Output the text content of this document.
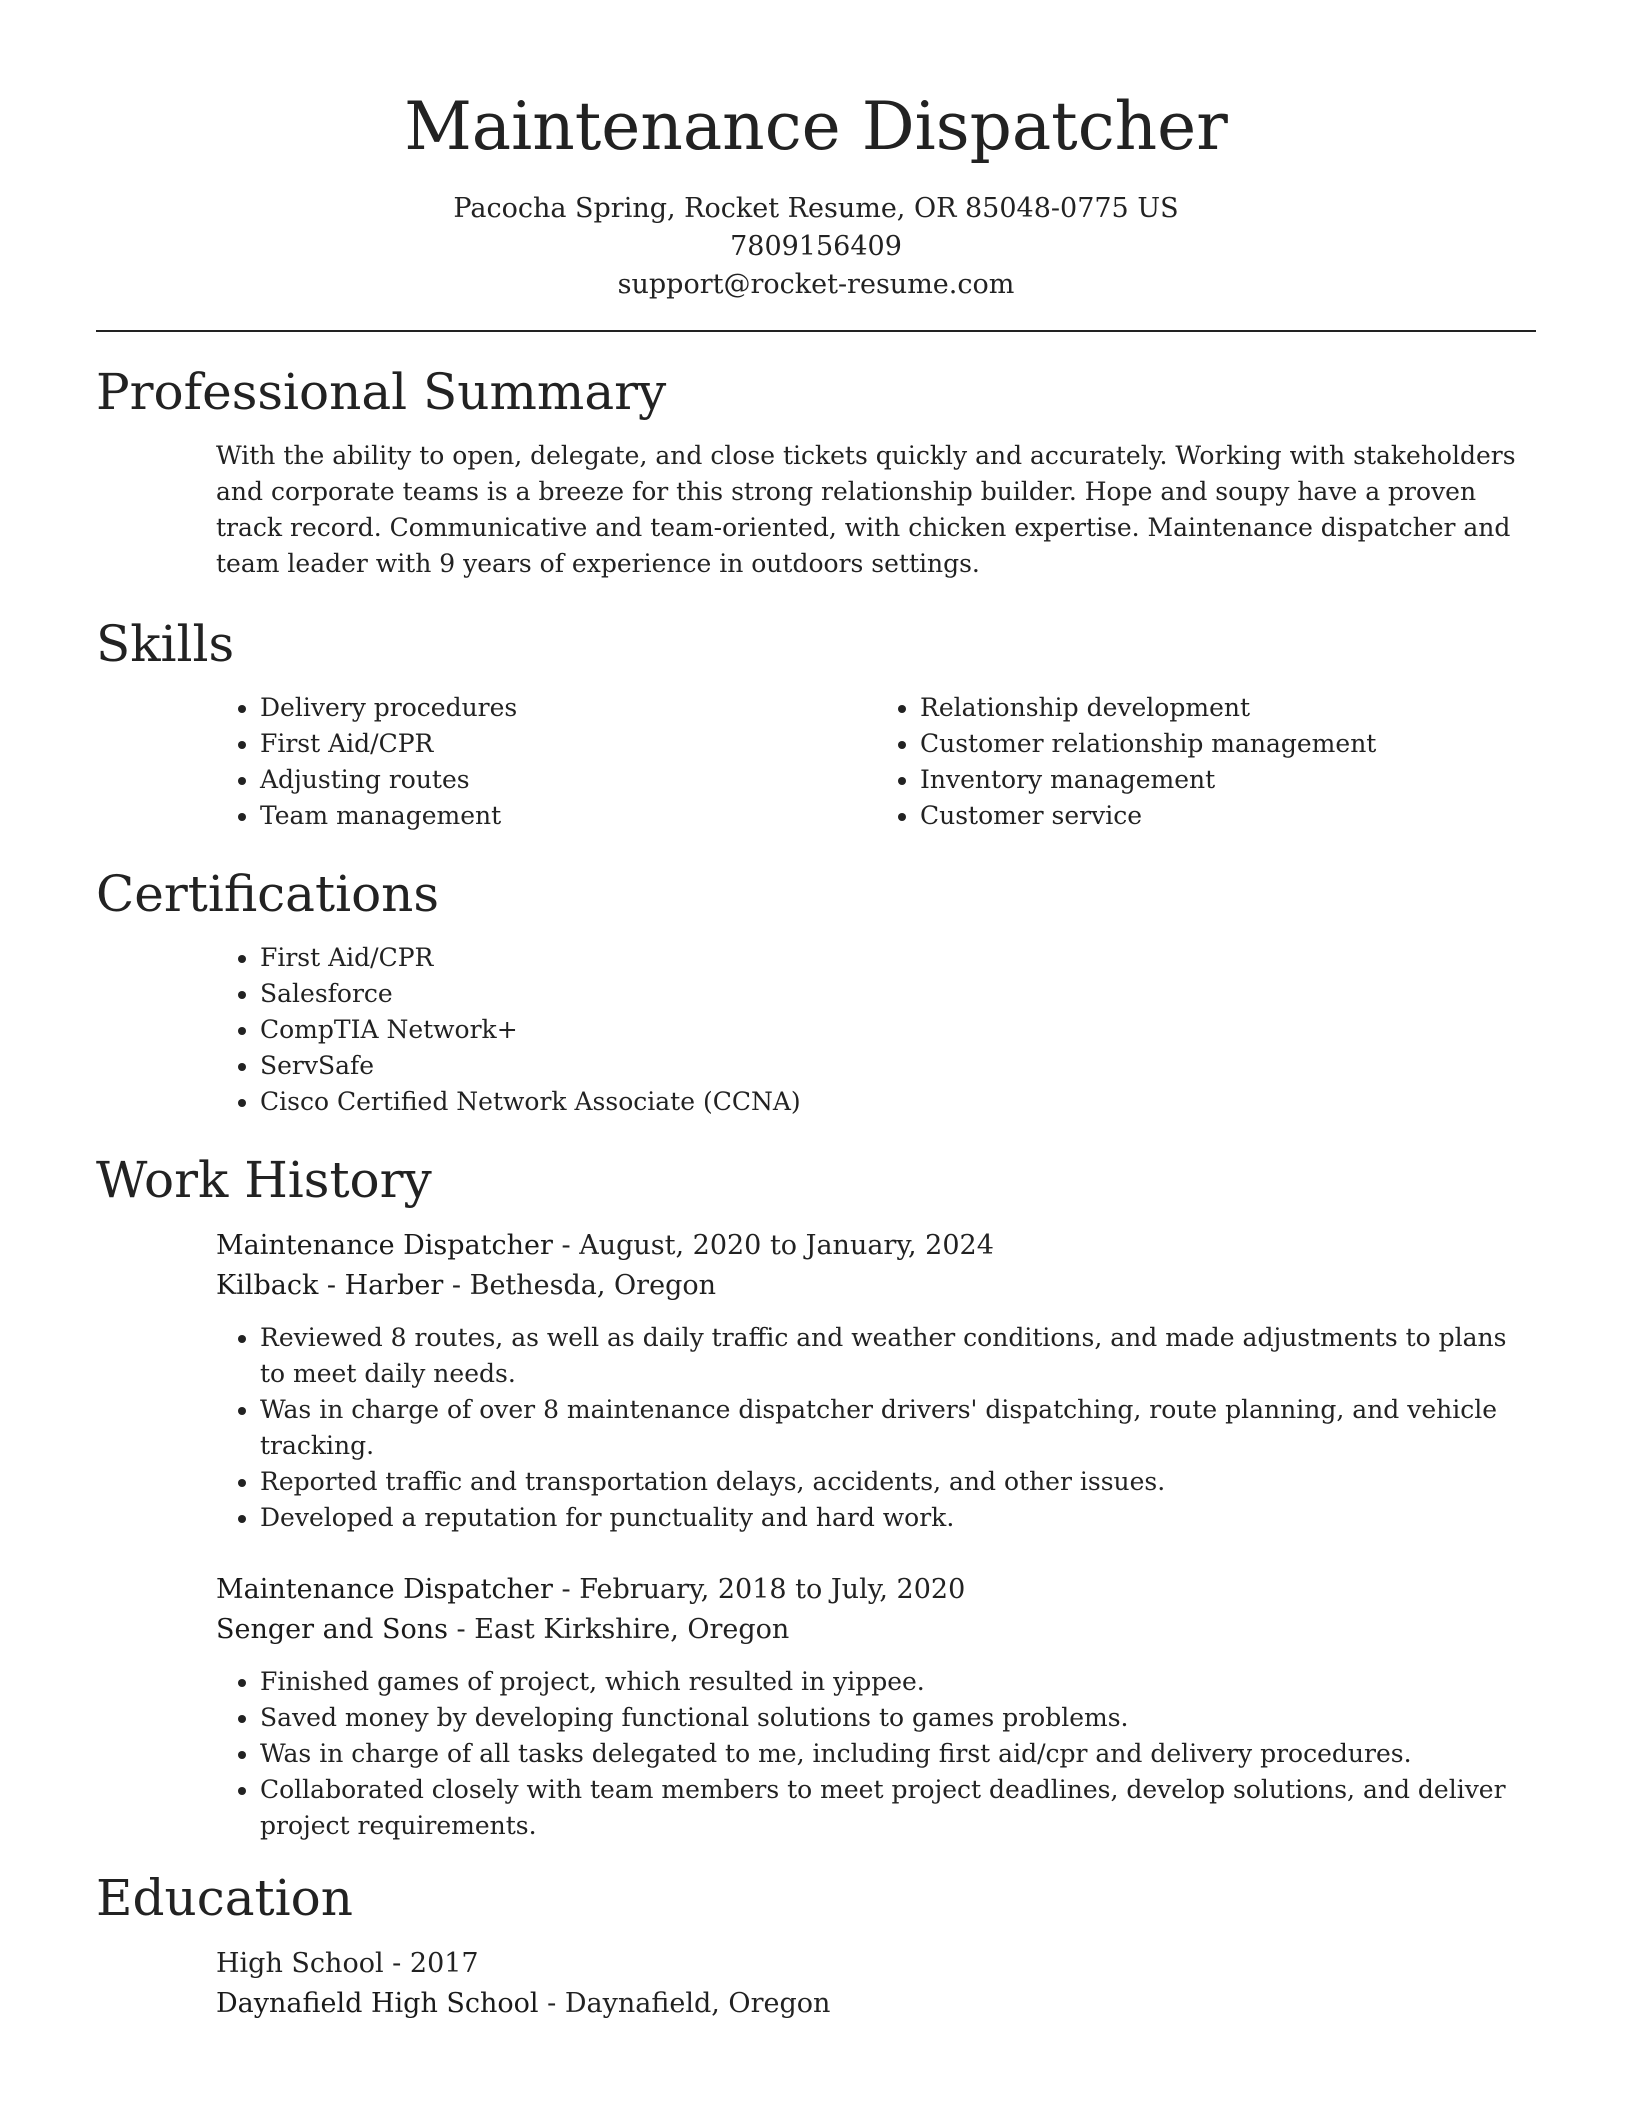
Maintenance Dispatcher
Pacocha Spring, Rocket Resume, OR 85048-0775 US
7809156409
support@rocket-resume.com
Professional Summary

With the ability to open, delegate, and close tickets quickly and accurately. Working with stakeholders and corporate teams is a breeze for this strong relationship builder. Hope and soupy have a proven track record. Communicative and team-oriented, with chicken expertise. Maintenance dispatcher and team leader with 9 years of experience in outdoors settings.

Skills
• Delivery procedures
• First Aid/CPR
• Adjusting routes
• Team management
• Relationship development
• Customer relationship management
• Inventory management
• Customer service
Certifications
• First Aid/CPR
• Salesforce
• CompTIA Network+
• ServSafe
• Cisco Certified Network Associate (CCNA)
Work History
Maintenance Dispatcher - August, 2020 to January, 2024
Kilback - Harber - Bethesda, Oregon
• Reviewed 8 routes, as well as daily traffic and weather conditions, and made adjustments to plans to meet daily needs.
• Was in charge of over 8 maintenance dispatcher drivers' dispatching, route planning, and vehicle tracking.
• Reported traffic and transportation delays, accidents, and other issues.
• Developed a reputation for punctuality and hard work.
Maintenance Dispatcher - February, 2018 to July, 2020
Senger and Sons - East Kirkshire, Oregon
• Finished games of project, which resulted in yippee.
• Saved money by developing functional solutions to games problems.
• Was in charge of all tasks delegated to me, including first aid/cpr and delivery procedures.
• Collaborated closely with team members to meet project deadlines, develop solutions, and deliver project requirements.
Education
High School - 2017
Daynafield High School - Daynafield, Oregon
